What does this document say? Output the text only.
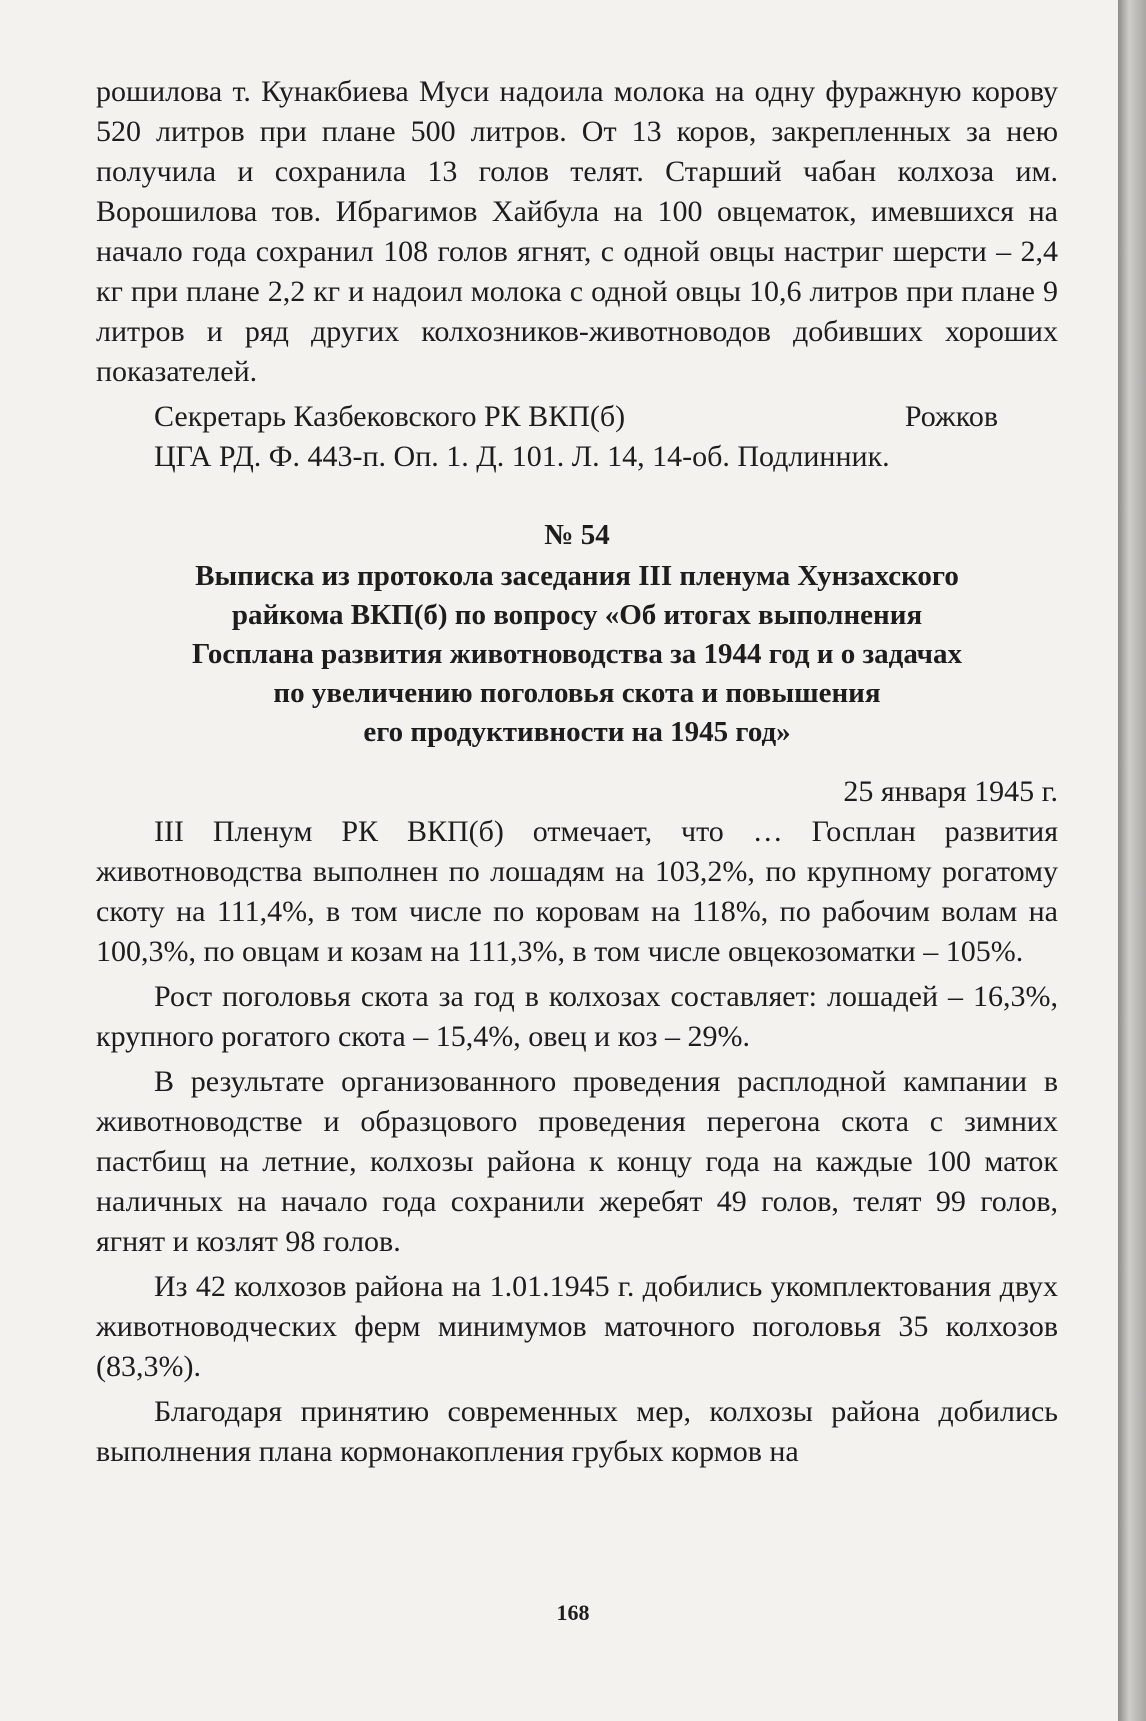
рошилова т. Кунакбиева Муси надоила молока на одну фуражную корову 520 литров при плане 500 литров. От 13 коров, закрепленных за нею получила и сохранила 13 голов телят. Старший чабан колхоза им. Ворошилова тов. Ибрагимов Хайбула на 100 овцематок, имевшихся на начало года сохранил 108 голов ягнят, с одной овцы настриг шерсти – 2,4 кг при плане 2,2 кг и надоил молока с одной овцы 10,6 литров при плане 9 литров и ряд других колхозников-животноводов добивших хороших показателей.

Секретарь Казбековского РК ВКП(б)	Рожков

ЦГА РД. Ф. 443-п. Оп. 1. Д. 101. Л. 14, 14-об. Подлинник.

№ 54
Выписка из протокола заседания III пленума Хунзахского
райкома ВКП(б) по вопросу «Об итогах выполнения
Госплана развития животноводства за 1944 год и о задачах
по увеличению поголовья скота и повышения
его продуктивности на 1945 год»
25 января 1945 г.

III Пленум РК ВКП(б) отмечает, что … Госплан развития животноводства выполнен по лошадям на 103,2%, по крупному рогатому скоту на 111,4%, в том числе по коровам на 118%, по рабочим волам на 100,3%, по овцам и козам на 111,3%, в том числе овцекозоматки – 105%.

Рост поголовья скота за год в колхозах составляет: лошадей – 16,3%, крупного рогатого скота – 15,4%, овец и коз – 29%.

В результате организованного проведения расплодной кампании в животноводстве и образцового проведения перегона скота с зимних пастбищ на летние, колхозы района к концу года на каждые 100 маток наличных на начало года сохранили жеребят 49 голов, телят 99 голов, ягнят и козлят 98 голов.

Из 42 колхозов района на 1.01.1945 г. добились укомплектования двух животноводческих ферм минимумов маточного поголовья 35 колхозов (83,3%).

Благодаря принятию современных мер, колхозы района добились выполнения плана кормонакопления грубых кормов на

168
